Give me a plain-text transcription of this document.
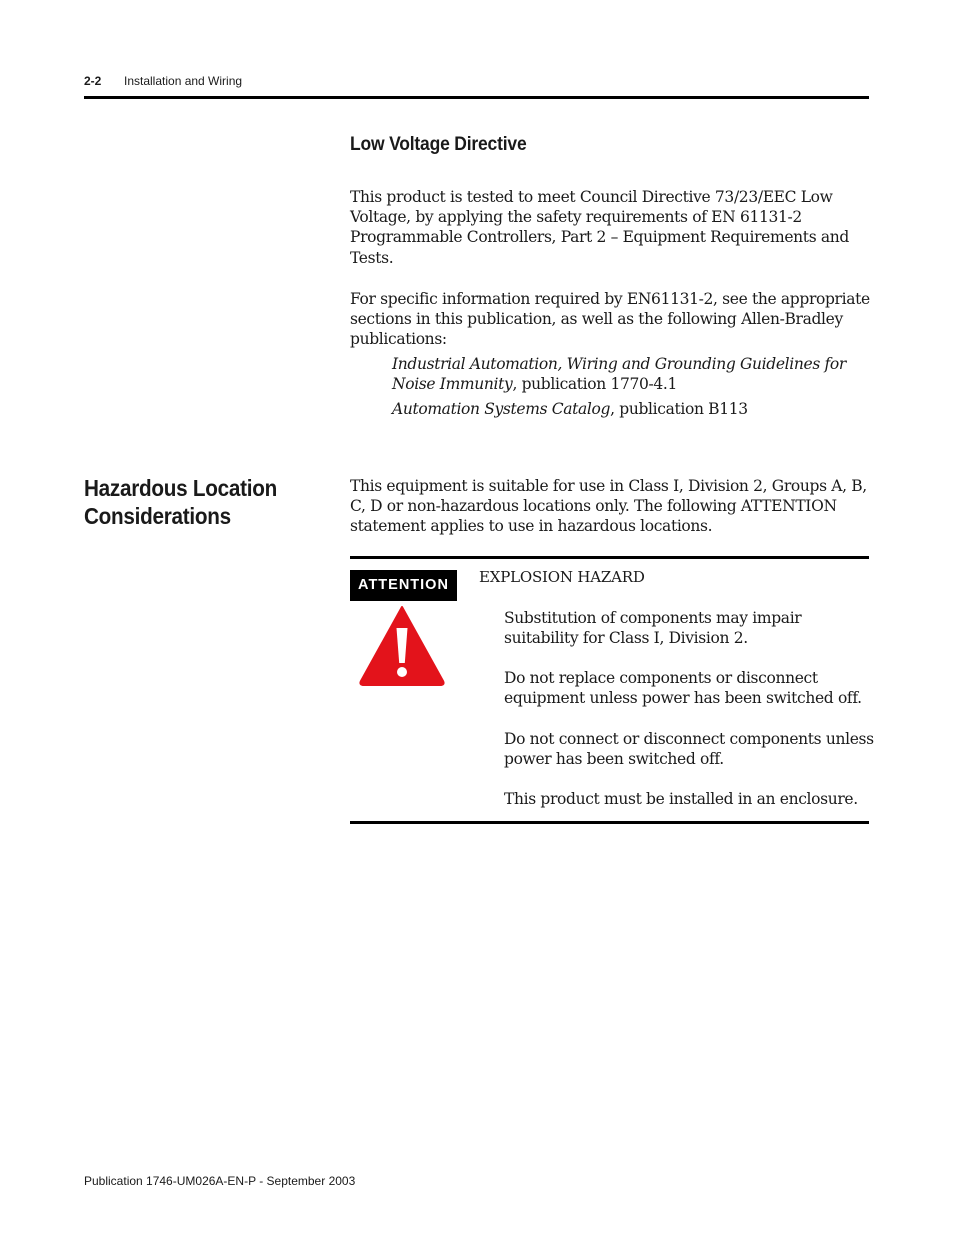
2-2 Installation and Wiring
Low Voltage Directive

This product is tested to meet Council Directive 73/23/EEC Low Voltage, by applying the safety requirements of EN 61131-2 Programmable Controllers, Part 2 – Equipment Requirements and Tests.

For specific information required by EN61131-2, see the appropriate sections in this publication, as well as the following Allen-Bradley publications:

Industrial Automation, Wiring and Grounding Guidelines for Noise Immunity, publication 1770-4.1

Automation Systems Catalog, publication B113

Hazardous Location
Considerations

This equipment is suitable for use in Class I, Division 2, Groups A, B, C, D or non-hazardous locations only. The following ATTENTION statement applies to use in hazardous locations.

ATTENTION	EXPLOSION HAZARD

Substitution of components may impair suitability for Class I, Division 2.

Do not replace components or disconnect equipment unless power has been switched off.

Do not connect or disconnect components unless power has been switched off.

This product must be installed in an enclosure.

Publication 1746-UM026A-EN-P - September 2003
